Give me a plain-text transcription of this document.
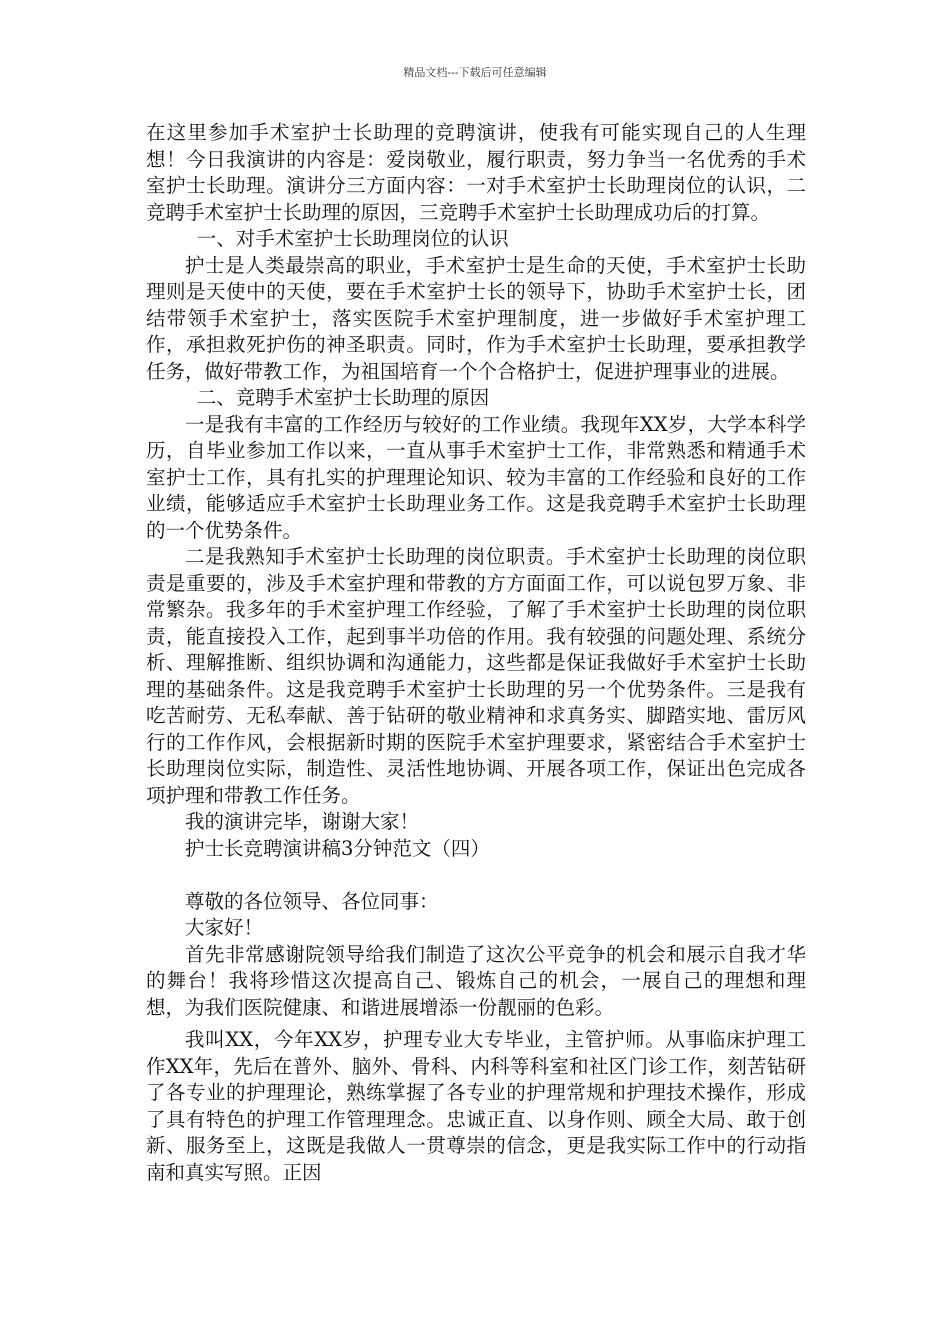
精品文档---下载后可任意编辑

在这里参加手术室护士长助理的竞聘演讲，使我有可能实现自己的人生理想！今日我演讲的内容是：爱岗敬业，履行职责，努力争当一名优秀的手术室护士长助理。演讲分三方面内容：一对手术室护士长助理岗位的认识，二竞聘手术室护士长助理的原因，三竞聘手术室护士长助理成功后的打算。

一、对手术室护士长助理岗位的认识

护士是人类最崇高的职业，手术室护士是生命的天使，手术室护士长助理则是天使中的天使，要在手术室护士长的领导下，协助手术室护士长，团结带领手术室护士，落实医院手术室护理制度，进一步做好手术室护理工作，承担救死护伤的神圣职责。同时，作为手术室护士长助理，要承担教学任务，做好带教工作，为祖国培育一个个合格护士，促进护理事业的进展。

二、竞聘手术室护士长助理的原因

一是我有丰富的工作经历与较好的工作业绩。我现年XX岁，大学本科学历，自毕业参加工作以来，一直从事手术室护士工作，非常熟悉和精通手术室护士工作，具有扎实的护理理论知识、较为丰富的工作经验和良好的工作业绩，能够适应手术室护士长助理业务工作。这是我竞聘手术室护士长助理的一个优势条件。

二是我熟知手术室护士长助理的岗位职责。手术室护士长助理的岗位职责是重要的，涉及手术室护理和带教的方方面面工作，可以说包罗万象、非常繁杂。我多年的手术室护理工作经验，了解了手术室护士长助理的岗位职责，能直接投入工作，起到事半功倍的作用。我有较强的问题处理、系统分析、理解推断、组织协调和沟通能力，这些都是保证我做好手术室护士长助理的基础条件。这是我竞聘手术室护士长助理的另一个优势条件。三是我有吃苦耐劳、无私奉献、善于钻研的敬业精神和求真务实、脚踏实地、雷厉风行的工作作风，会根据新时期的医院手术室护理要求，紧密结合手术室护士长助理岗位实际，制造性、灵活性地协调、开展各项工作，保证出色完成各项护理和带教工作任务。

我的演讲完毕，谢谢大家！

护士长竞聘演讲稿3分钟范文（四）

尊敬的各位领导、各位同事：

大家好！

首先非常感谢院领导给我们制造了这次公平竞争的机会和展示自我才华的舞台！我将珍惜这次提高自己、锻炼自己的机会，一展自己的理想和理想，为我们医院健康、和谐进展增添一份靓丽的色彩。

我叫XX，今年XX岁，护理专业大专毕业，主管护师。从事临床护理工作XX年，先后在普外、脑外、骨科、内科等科室和社区门诊工作，刻苦钻研了各专业的护理理论，熟练掌握了各专业的护理常规和护理技术操作，形成了具有特色的护理工作管理理念。忠诚正直、以身作则、顾全大局、敢于创新、服务至上，这既是我做人一贯尊崇的信念，更是我实际工作中的行动指南和真实写照。正因
